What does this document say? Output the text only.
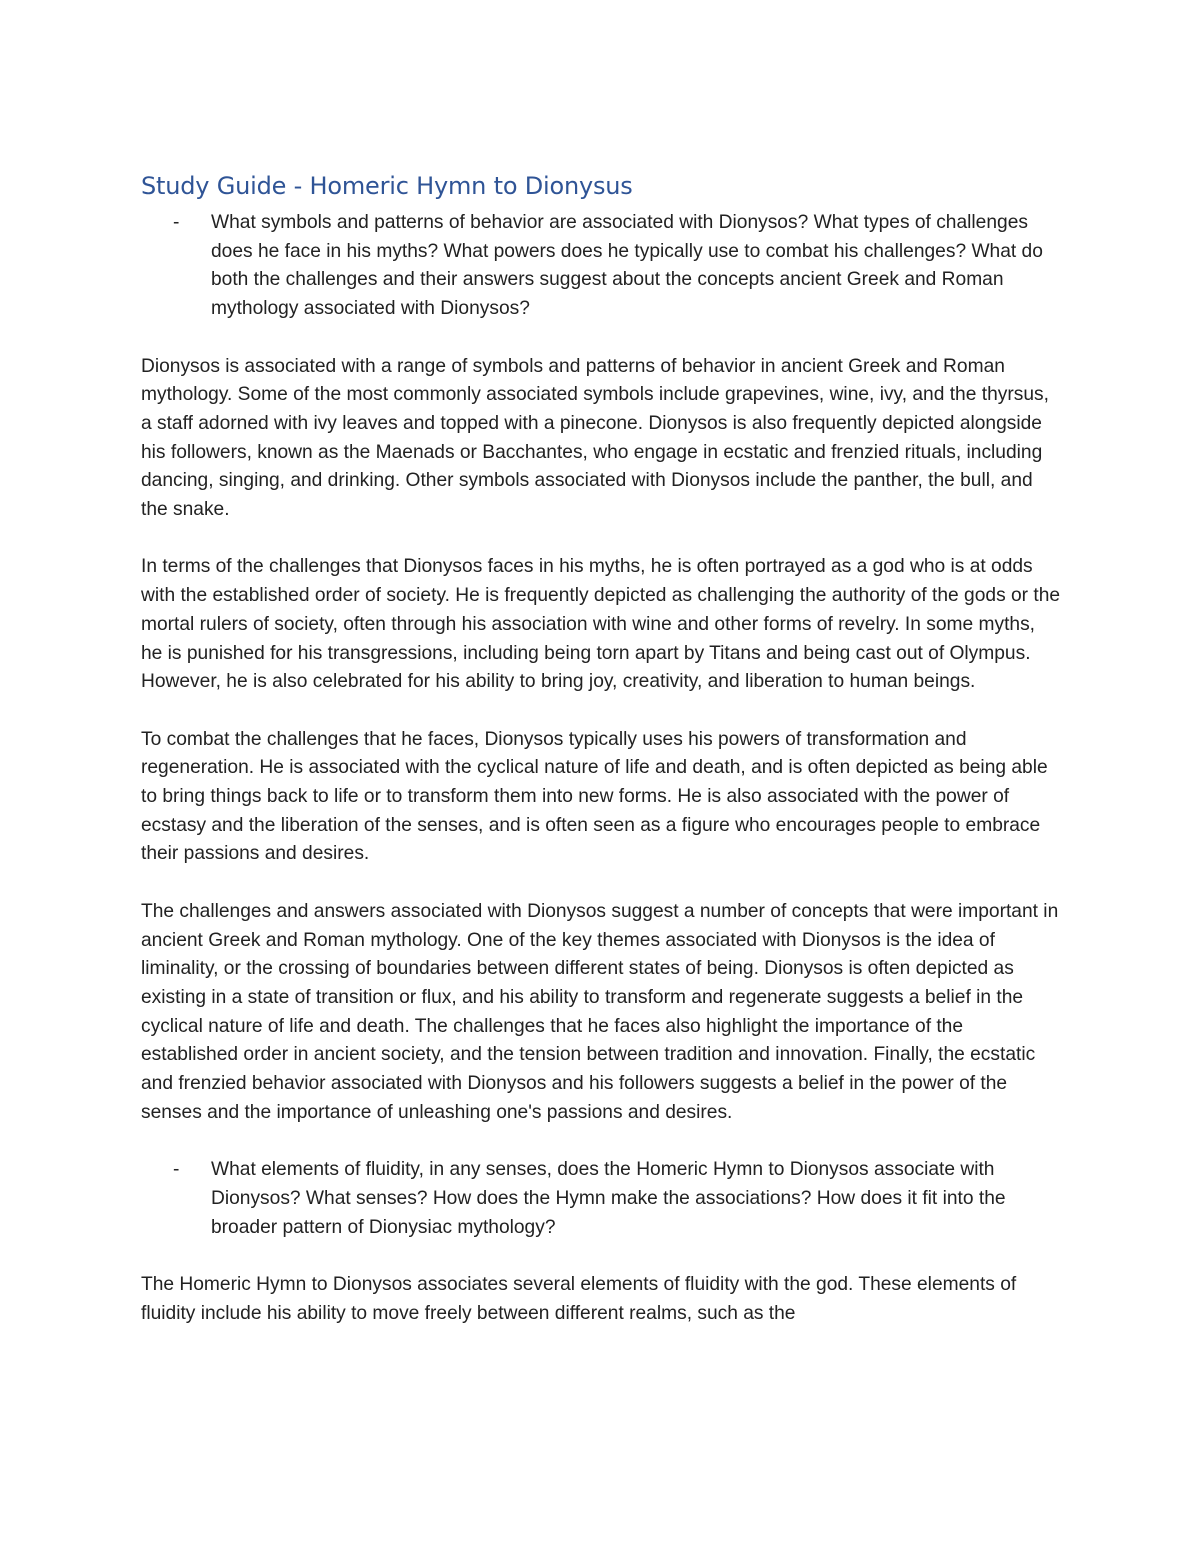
Study Guide - Homeric Hymn to Dionysus
- What symbols and patterns of behavior are associated with Dionysos? What types of challenges does he face in his myths? What powers does he typically use to combat his challenges? What do both the challenges and their answers suggest about the concepts ancient Greek and Roman mythology associated with Dionysos?

Dionysos is associated with a range of symbols and patterns of behavior in ancient Greek and Roman mythology. Some of the most commonly associated symbols include grapevines, wine, ivy, and the thyrsus, a staff adorned with ivy leaves and topped with a pinecone. Dionysos is also frequently depicted alongside his followers, known as the Maenads or Bacchantes, who engage in ecstatic and frenzied rituals, including dancing, singing, and drinking. Other symbols associated with Dionysos include the panther, the bull, and the snake.

In terms of the challenges that Dionysos faces in his myths, he is often portrayed as a god who is at odds with the established order of society. He is frequently depicted as challenging the authority of the gods or the mortal rulers of society, often through his association with wine and other forms of revelry. In some myths, he is punished for his transgressions, including being torn apart by Titans and being cast out of Olympus. However, he is also celebrated for his ability to bring joy, creativity, and liberation to human beings.

To combat the challenges that he faces, Dionysos typically uses his powers of transformation and regeneration. He is associated with the cyclical nature of life and death, and is often depicted as being able to bring things back to life or to transform them into new forms. He is also associated with the power of ecstasy and the liberation of the senses, and is often seen as a figure who encourages people to embrace their passions and desires.

The challenges and answers associated with Dionysos suggest a number of concepts that were important in ancient Greek and Roman mythology. One of the key themes associated with Dionysos is the idea of liminality, or the crossing of boundaries between different states of being. Dionysos is often depicted as existing in a state of transition or flux, and his ability to transform and regenerate suggests a belief in the cyclical nature of life and death. The challenges that he faces also highlight the importance of the established order in ancient society, and the tension between tradition and innovation. Finally, the ecstatic and frenzied behavior associated with Dionysos and his followers suggests a belief in the power of the senses and the importance of unleashing one's passions and desires.

- What elements of fluidity, in any senses, does the Homeric Hymn to Dionysos associate with Dionysos? What senses? How does the Hymn make the associations? How does it fit into the broader pattern of Dionysiac mythology?

The Homeric Hymn to Dionysos associates several elements of fluidity with the god. These elements of fluidity include his ability to move freely between different realms, such as the
